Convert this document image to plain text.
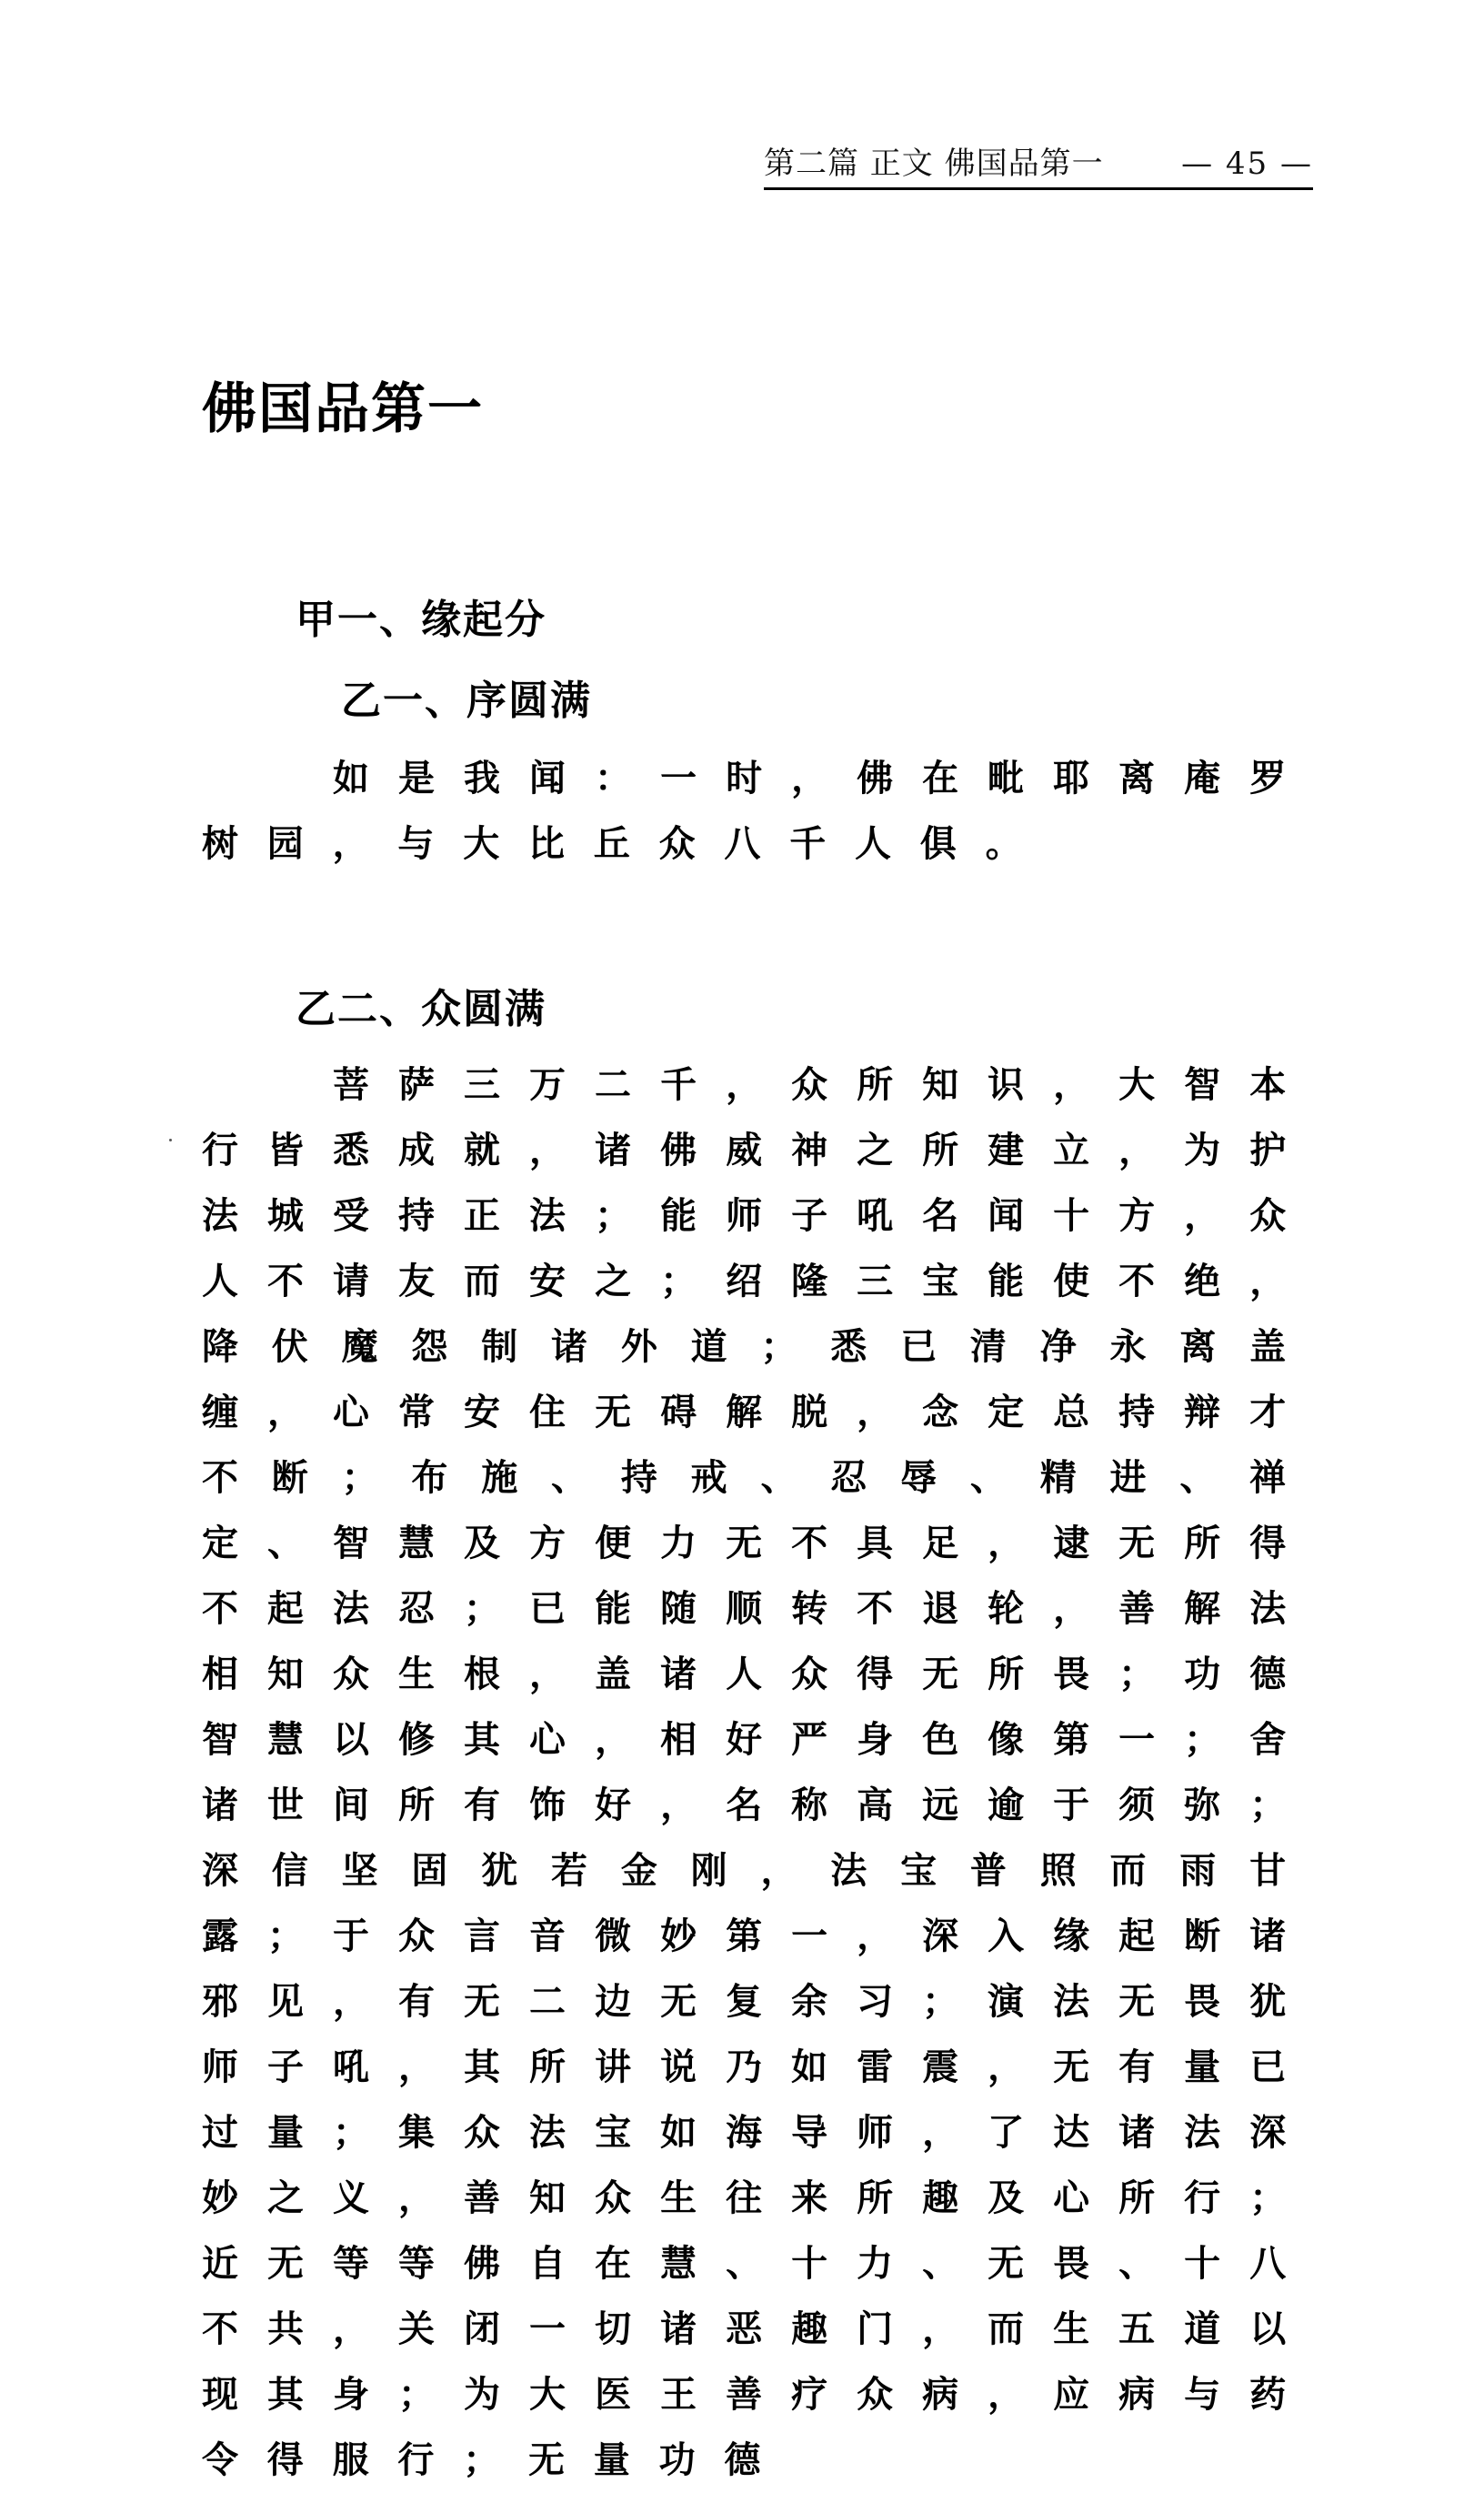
第二篇 正文 佛国品第一	— 45 —
佛国品第一
甲一、缘起分
乙一、序圆满

如是我闻：一时，佛在毗耶离庵罗树园，与大比丘众八千人俱。

乙二、众圆满

菩萨三万二千，众所知识，大智本行皆悉成就，诸佛威神之所建立，为护法城受持正法；能师子吼名闻十方，众人不请友而安之；绍隆三宝能使不绝，降伏魔怨制诸外道；悉已清净永离盖缠，心常安住无碍解脱，念定总持辩才不断；布施、持戒、忍辱、精进、禅定、智慧及方便力无不具足，逮无所得不起法忍；已能随顺转不退轮，善解法相知众生根，盖诸人众得无所畏；功德智慧以修其心，相好严身色像第一；舍诸世间所有饰好，名称高远逾于须弥；深信坚固犹若金刚，法宝普照而雨甘露；于众言音微妙第一，深入缘起断诸邪见，有无二边无复余习；演法无畏犹师子吼，其所讲说乃如雷震，无有量已过量；集众法宝如海导师，了达诸法深妙之义，善知众生往来所趣及心所行；近无等等佛自在慧、十力、无畏、十八不共，关闭一切诸恶趣门，而生五道以现其身；为大医王善疗众病，应病与药令得服行；无量功德
